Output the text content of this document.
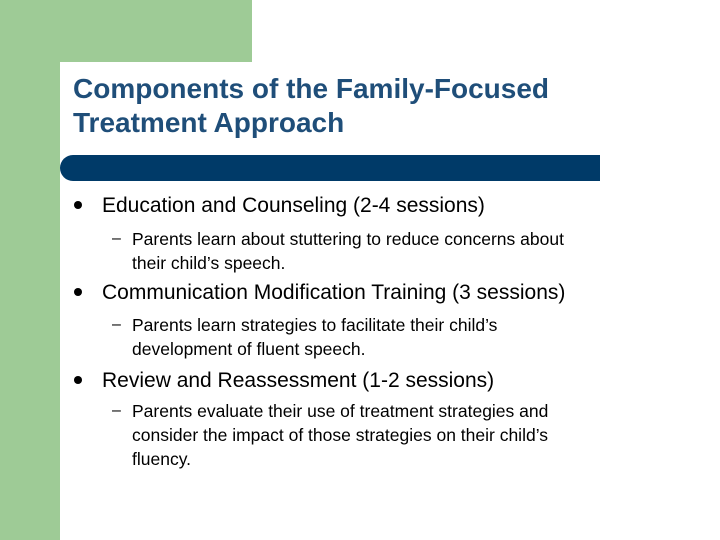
Components of the Family-Focused
Treatment Approach
Education and Counseling (2-4 sessions)
– Parents learn about stuttering to reduce concerns about
their child’s speech.
Communication Modification Training (3 sessions)
– Parents learn strategies to facilitate their child’s
development of fluent speech.
Review and Reassessment (1-2 sessions)
– Parents evaluate their use of treatment strategies and
consider the impact of those strategies on their child’s
fluency.
